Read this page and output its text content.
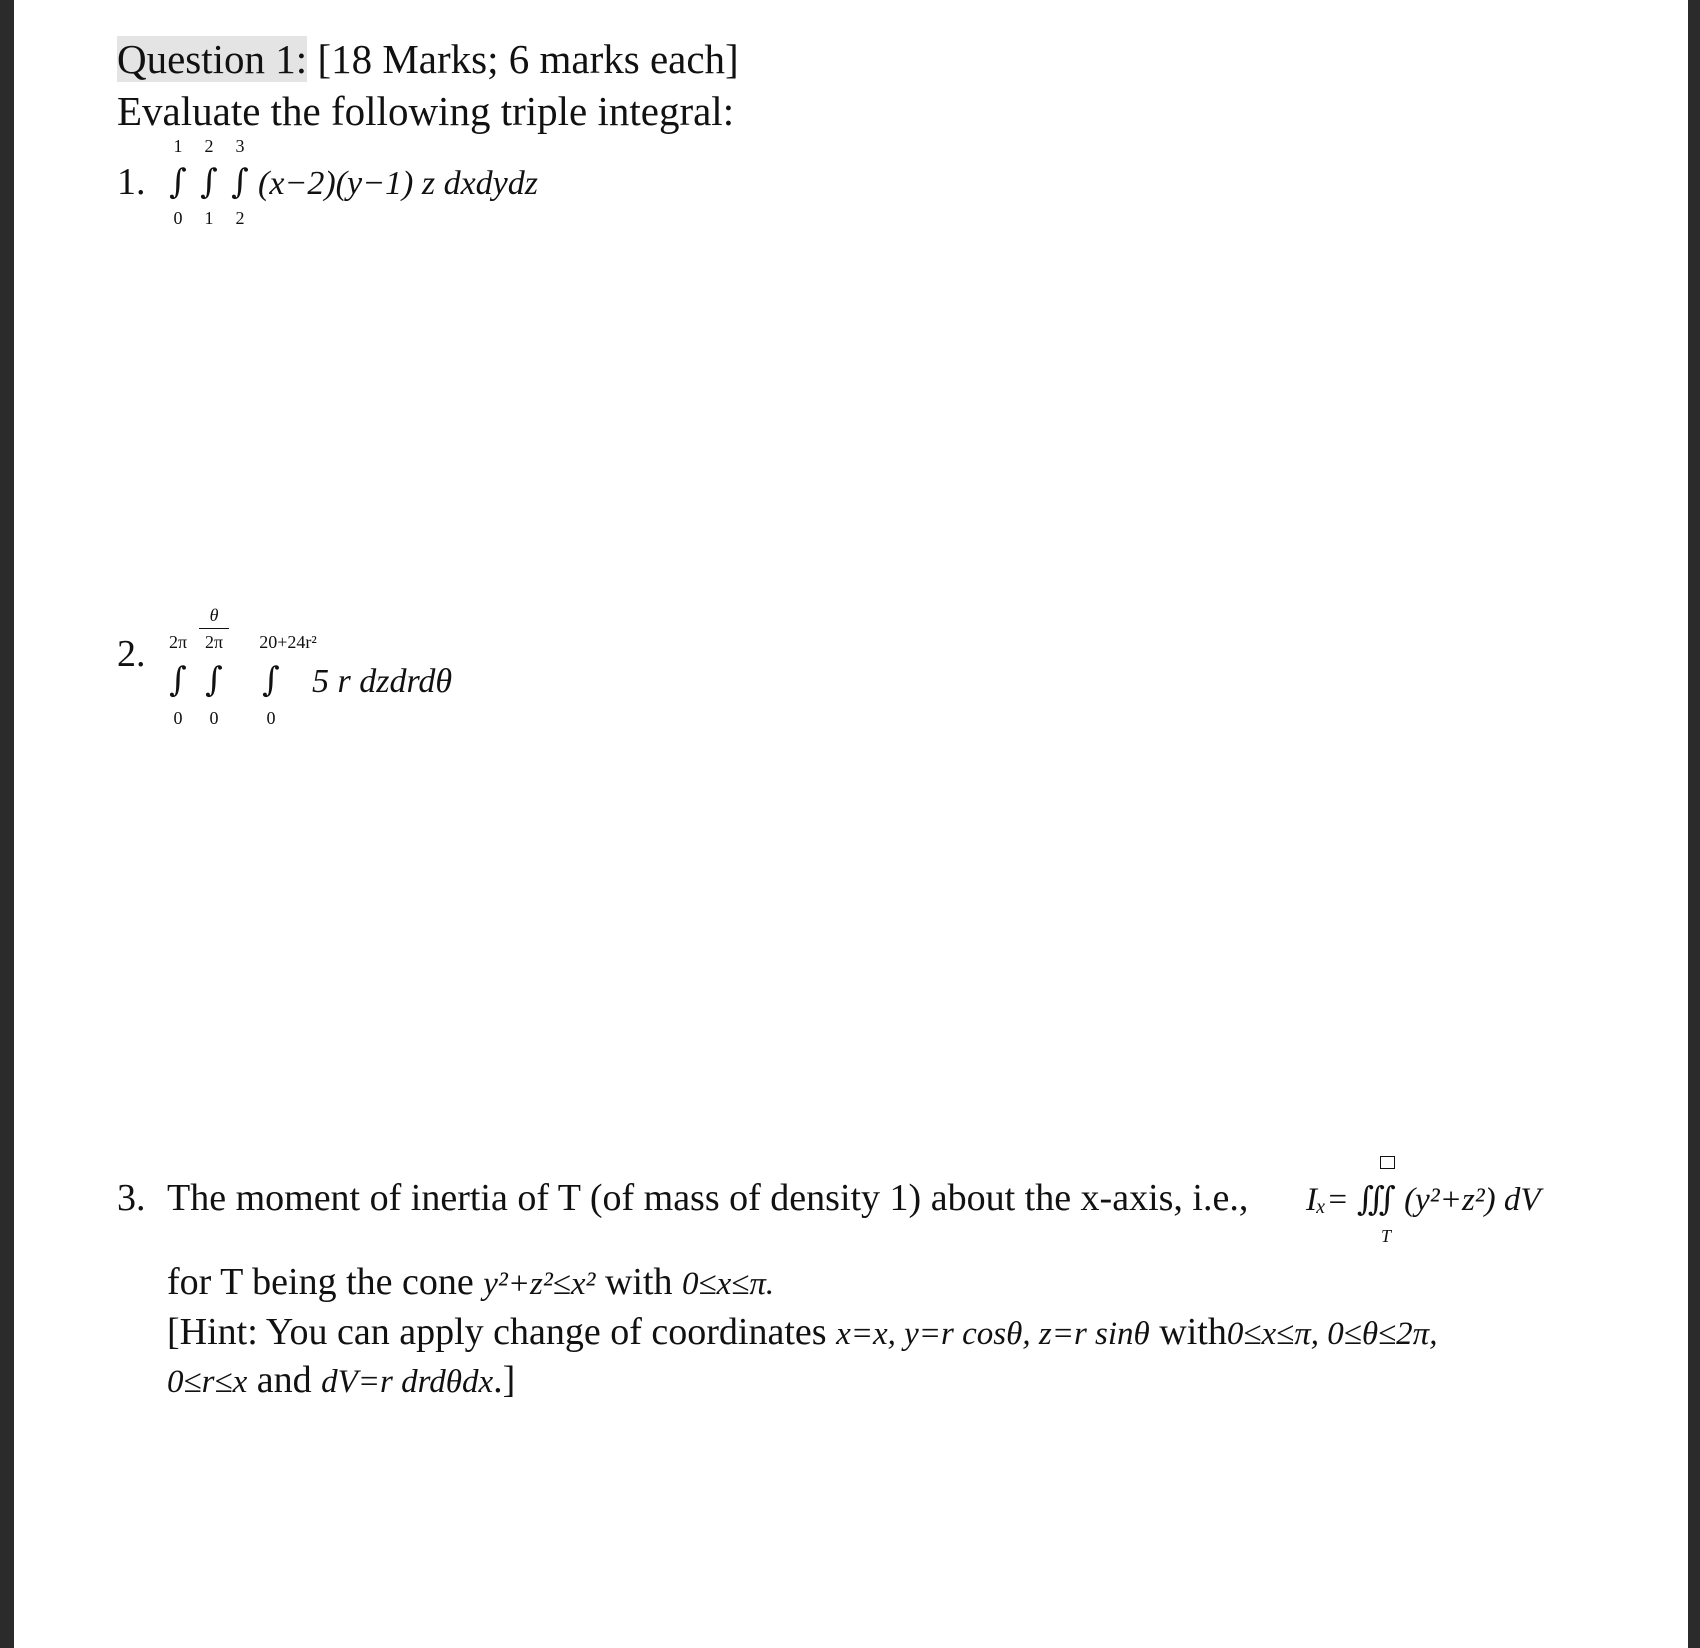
Question 1: [18 Marks; 6 marks each]
Evaluate the following triple integral:
1.
1	2	3
∫ ∫ ∫
0	1	2
(x−2)(y−1) z dxdydz
2.
θ
2π 2π	20+24r²
∫ ∫ ∫
0	0	0
5 r dzdrdθ
3. The moment of inertia of T (of mass of density 1) about the x-axis, i.e., Iₓ= ∭ (y²+z²) dV
T
for T being the cone y²+z²≤x² with 0≤x≤π.
[Hint: You can apply change of coordinates x=x, y=r cosθ, z=r sinθ with0≤x≤π, 0≤θ≤2π,
0≤r≤x and dV=r drdθdx.]
